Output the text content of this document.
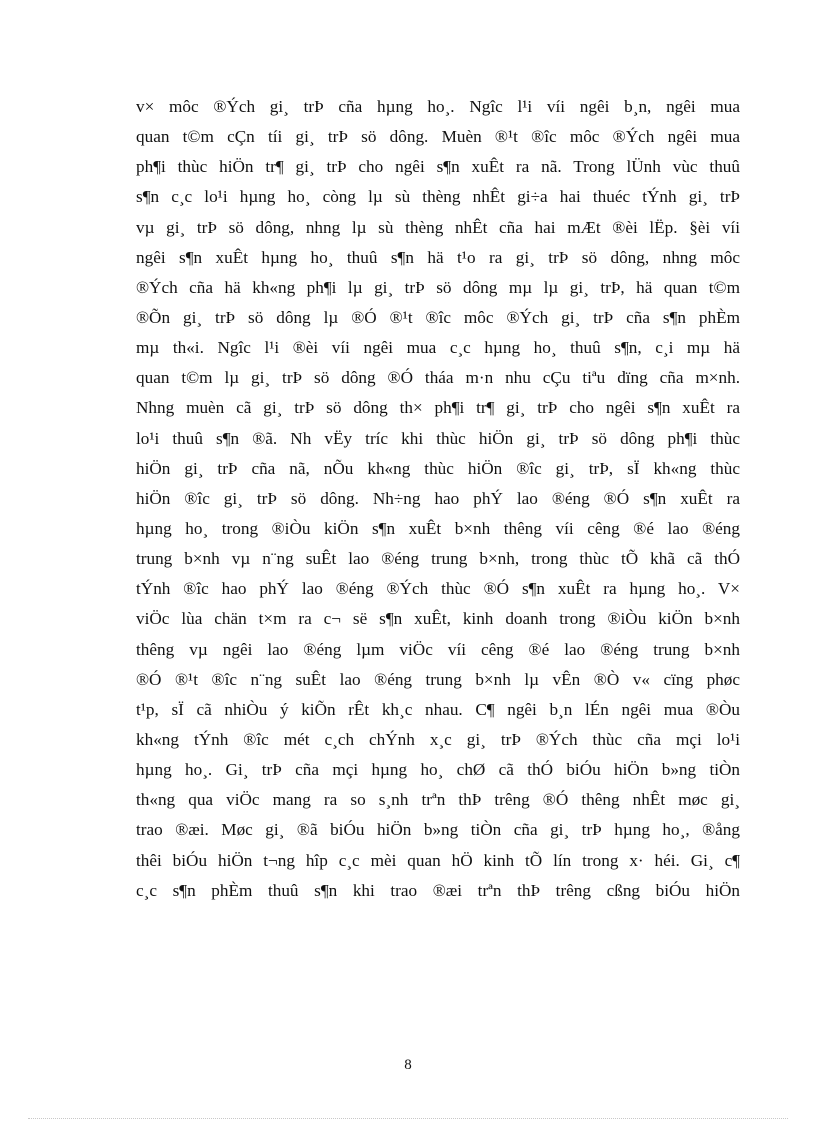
v× môc ®Ých gi¸ trÞ cña hµng ho¸. Ngîc l¹i víi ngêi b¸n, ngêi mua
quan t©m cÇn tíi gi¸ trÞ sö dông. Muèn ®¹t ®îc môc ®Ých ngêi mua
ph¶i thùc hiÖn tr¶ gi¸ trÞ cho ngêi s¶n xuÊt ra nã. Trong lÜnh vùc thuû
s¶n c¸c lo¹i hµng ho¸ còng lµ sù thèng nhÊt gi÷a hai thuéc tÝnh gi¸ trÞ
vµ gi¸ trÞ sö dông, nhng lµ sù thèng nhÊt cña hai mÆt ®èi lËp. §èi víi
ngêi s¶n xuÊt hµng ho¸ thuû s¶n hä t¹o ra gi¸ trÞ sö dông, nhng môc
®Ých cña hä kh«ng ph¶i lµ gi¸ trÞ sö dông mµ lµ gi¸ trÞ, hä quan t©m
®Õn gi¸ trÞ sö dông lµ ®Ó ®¹t ®îc môc ®Ých gi¸ trÞ cña s¶n phÈm
mµ th«i. Ngîc l¹i ®èi víi ngêi mua c¸c hµng ho¸ thuû s¶n, c¸i mµ hä
quan t©m lµ gi¸ trÞ sö dông ®Ó tháa m·n nhu cÇu tiªu dïng cña m×nh.
Nhng muèn cã gi¸ trÞ sö dông th× ph¶i tr¶ gi¸ trÞ cho ngêi s¶n xuÊt ra
lo¹i thuû s¶n ®ã. Nh vËy tríc khi thùc hiÖn gi¸ trÞ sö dông ph¶i thùc
hiÖn gi¸ trÞ cña nã, nÕu kh«ng thùc hiÖn ®îc gi¸ trÞ, sÏ kh«ng thùc
hiÖn ®îc gi¸ trÞ sö dông. Nh÷ng hao phÝ lao ®éng ®Ó s¶n xuÊt ra
hµng ho¸ trong ®iÒu kiÖn s¶n xuÊt b×nh thêng víi cêng ®é lao ®éng
trung b×nh vµ n¨ng suÊt lao ®éng trung b×nh, trong thùc tÕ khã cã thÓ
tÝnh ®îc hao phÝ lao ®éng ®Ých thùc ®Ó s¶n xuÊt ra hµng ho¸. V×
viÖc lùa chän t×m ra c¬ së s¶n xuÊt, kinh doanh trong ®iÒu kiÖn b×nh
thêng vµ ngêi lao ®éng lµm viÖc víi cêng ®é lao ®éng trung b×nh
®Ó ®¹t ®îc n¨ng suÊt lao ®éng trung b×nh lµ vÊn ®Ò v« cïng phøc
t¹p, sÏ cã nhiÒu ý kiÕn rÊt kh¸c nhau. C¶ ngêi b¸n lÉn ngêi mua ®Òu
kh«ng tÝnh ®îc mét c¸ch chÝnh x¸c gi¸ trÞ ®Ých thùc cña mçi lo¹i
hµng ho¸. Gi¸ trÞ cña mçi hµng ho¸ chØ cã thÓ biÓu hiÖn b»ng tiÒn
th«ng qua viÖc mang ra so s¸nh trªn thÞ trêng ®Ó thêng nhÊt møc gi¸
trao ®æi. Møc gi¸ ®ã biÓu hiÖn b»ng tiÒn cña gi¸ trÞ hµng ho¸, ®ång
thêi biÓu hiÖn t¬ng hîp c¸c mèi quan hÖ kinh tÕ lín trong x· héi. Gi¸ c¶
c¸c s¶n phÈm thuû s¶n khi trao ®æi trªn thÞ trêng cßng biÓu hiÖn
8
